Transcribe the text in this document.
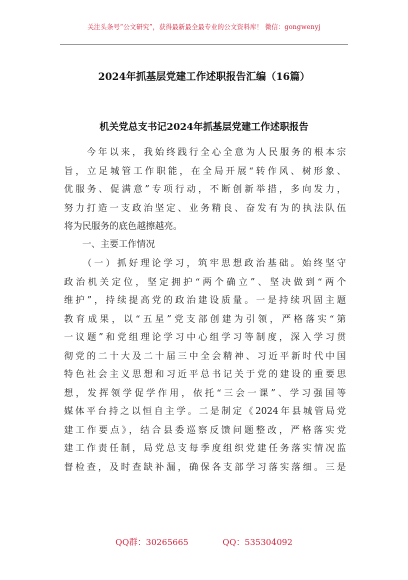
关注头条号“公文研究”，获得最新最全最专业的公文资料库！ 微信：gongwenyj
2024年抓基层党建工作述职报告汇编（16篇）
机关党总支书记2024年抓基层党建工作述职报告
　　今年以来，我始终践行全心全意为人民服务的根本宗
旨，立足城管工作职能，在全局开展“转作风、树形象、
优服务、促满意”专项行动，不断创新举措，多向发力，
努力打造一支政治坚定、业务精良、奋发有为的执法队伍
将为民服务的底色越擦越亮。
　　一、主要工作情况
　　（一）抓好理论学习，筑牢思想政治基础。始终坚守
政治机关定位，坚定拥护“两个确立”、坚决做到“两个
维护”，持续提高党的政治建设质量。一是持续巩固主题
教育成果，以“五星”党支部创建为引领，严格落实“第
一议题”和党组理论学习中心组学习等制度，深入学习贯
彻党的二十大及二十届三中全会精神、习近平新时代中国
特色社会主义思想和习近平总书记关于党的建设的重要思
想，发挥领学促学作用，依托“三会一课”、学习强国等
媒体平台持之以恒自主学。二是制定《2024年县城管局党
建工作要点》，结合县委巡察反馈问题整改，严格落实党
建工作责任制，局党总支每季度组织党建任务落实情况监
督检查，及时查缺补漏，确保各支部学习落实落细。三是
QQ群：30265665	QQ：535304092
